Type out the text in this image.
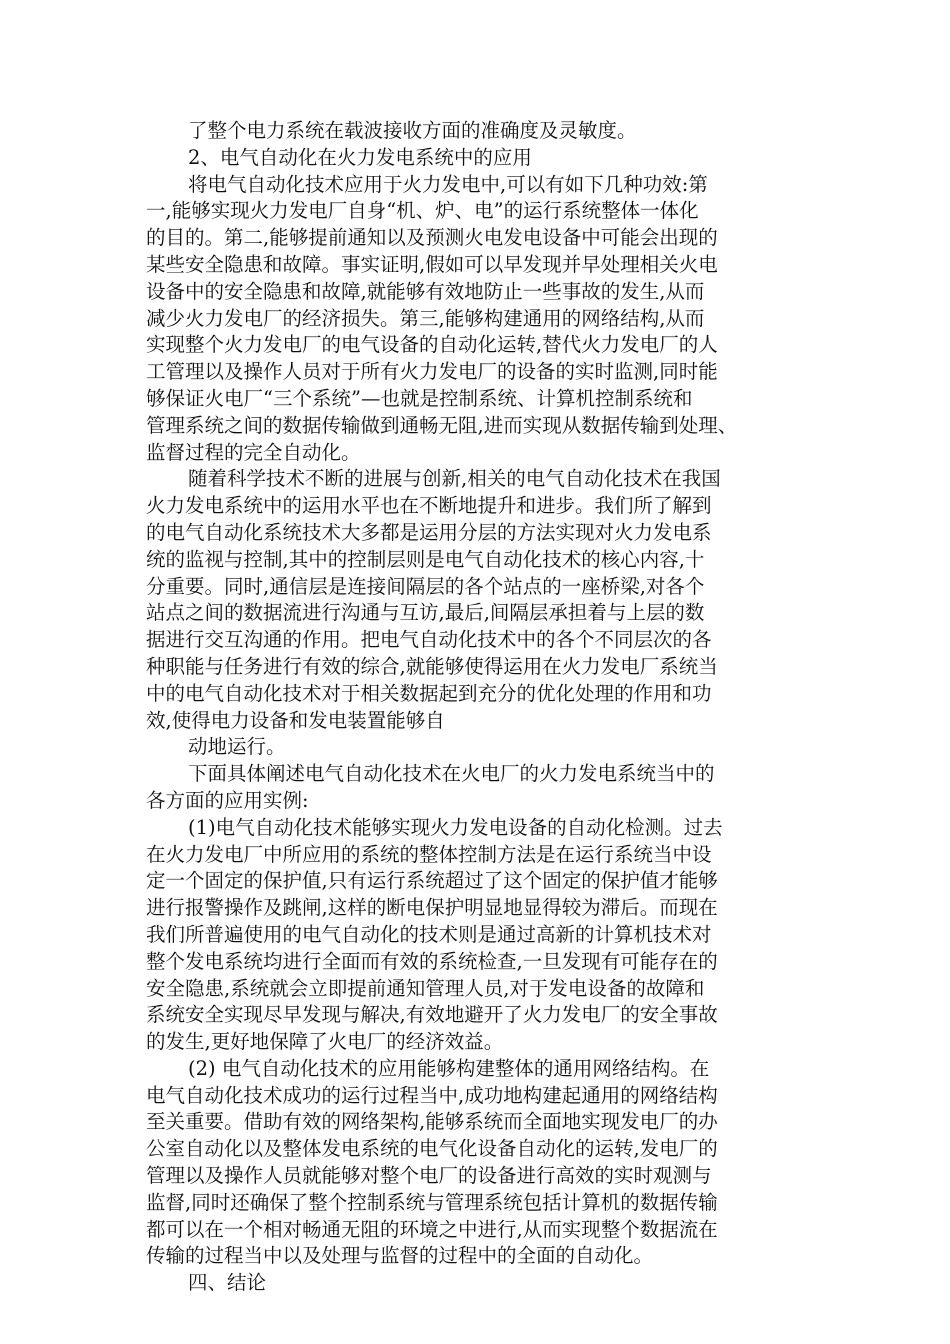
了整个电力系统在载波接收方面的准确度及灵敏度。
2、电气自动化在火力发电系统中的应用
将电气自动化技术应用于火力发电中,可以有如下几种功效:第
一,能够实现火力发电厂自身“机、炉、电”的运行系统整体一体化
的目的。第二,能够提前通知以及预测火电发电设备中可能会出现的
某些安全隐患和故障。事实证明,假如可以早发现并早处理相关火电
设备中的安全隐患和故障,就能够有效地防止一些事故的发生,从而
减少火力发电厂的经济损失。第三,能够构建通用的网络结构,从而
实现整个火力发电厂的电气设备的自动化运转,替代火力发电厂的人
工管理以及操作人员对于所有火力发电厂的设备的实时监测,同时能
够保证火电厂“三个系统”—也就是控制系统、计算机控制系统和
管理系统之间的数据传输做到通畅无阻,进而实现从数据传输到处理、
监督过程的完全自动化。
随着科学技术不断的进展与创新,相关的电气自动化技术在我国
火力发电系统中的运用水平也在不断地提升和进步。我们所了解到
的电气自动化系统技术大多都是运用分层的方法实现对火力发电系
统的监视与控制,其中的控制层则是电气自动化技术的核心内容,十
分重要。同时,通信层是连接间隔层的各个站点的一座桥梁,对各个
站点之间的数据流进行沟通与互访,最后,间隔层承担着与上层的数
据进行交互沟通的作用。把电气自动化技术中的各个不同层次的各
种职能与任务进行有效的综合,就能够使得运用在火力发电厂系统当
中的电气自动化技术对于相关数据起到充分的优化处理的作用和功
效,使得电力设备和发电装置能够自
动地运行。
下面具体阐述电气自动化技术在火电厂的火力发电系统当中的
各方面的应用实例:
(1)电气自动化技术能够实现火力发电设备的自动化检测。过去
在火力发电厂中所应用的系统的整体控制方法是在运行系统当中设
定一个固定的保护值,只有运行系统超过了这个固定的保护值才能够
进行报警操作及跳闸,这样的断电保护明显地显得较为滞后。而现在
我们所普遍使用的电气自动化的技术则是通过高新的计算机技术对
整个发电系统均进行全面而有效的系统检查,一旦发现有可能存在的
安全隐患,系统就会立即提前通知管理人员,对于发电设备的故障和
系统安全实现尽早发现与解决,有效地避开了火力发电厂的安全事故
的发生,更好地保障了火电厂的经济效益。
(2) 电气自动化技术的应用能够构建整体的通用网络结构。在
电气自动化技术成功的运行过程当中,成功地构建起通用的网络结构
至关重要。借助有效的网络架构,能够系统而全面地实现发电厂的办
公室自动化以及整体发电系统的电气化设备自动化的运转,发电厂的
管理以及操作人员就能够对整个电厂的设备进行高效的实时观测与
监督,同时还确保了整个控制系统与管理系统包括计算机的数据传输
都可以在一个相对畅通无阻的环境之中进行,从而实现整个数据流在
传输的过程当中以及处理与监督的过程中的全面的自动化。
四、结论
